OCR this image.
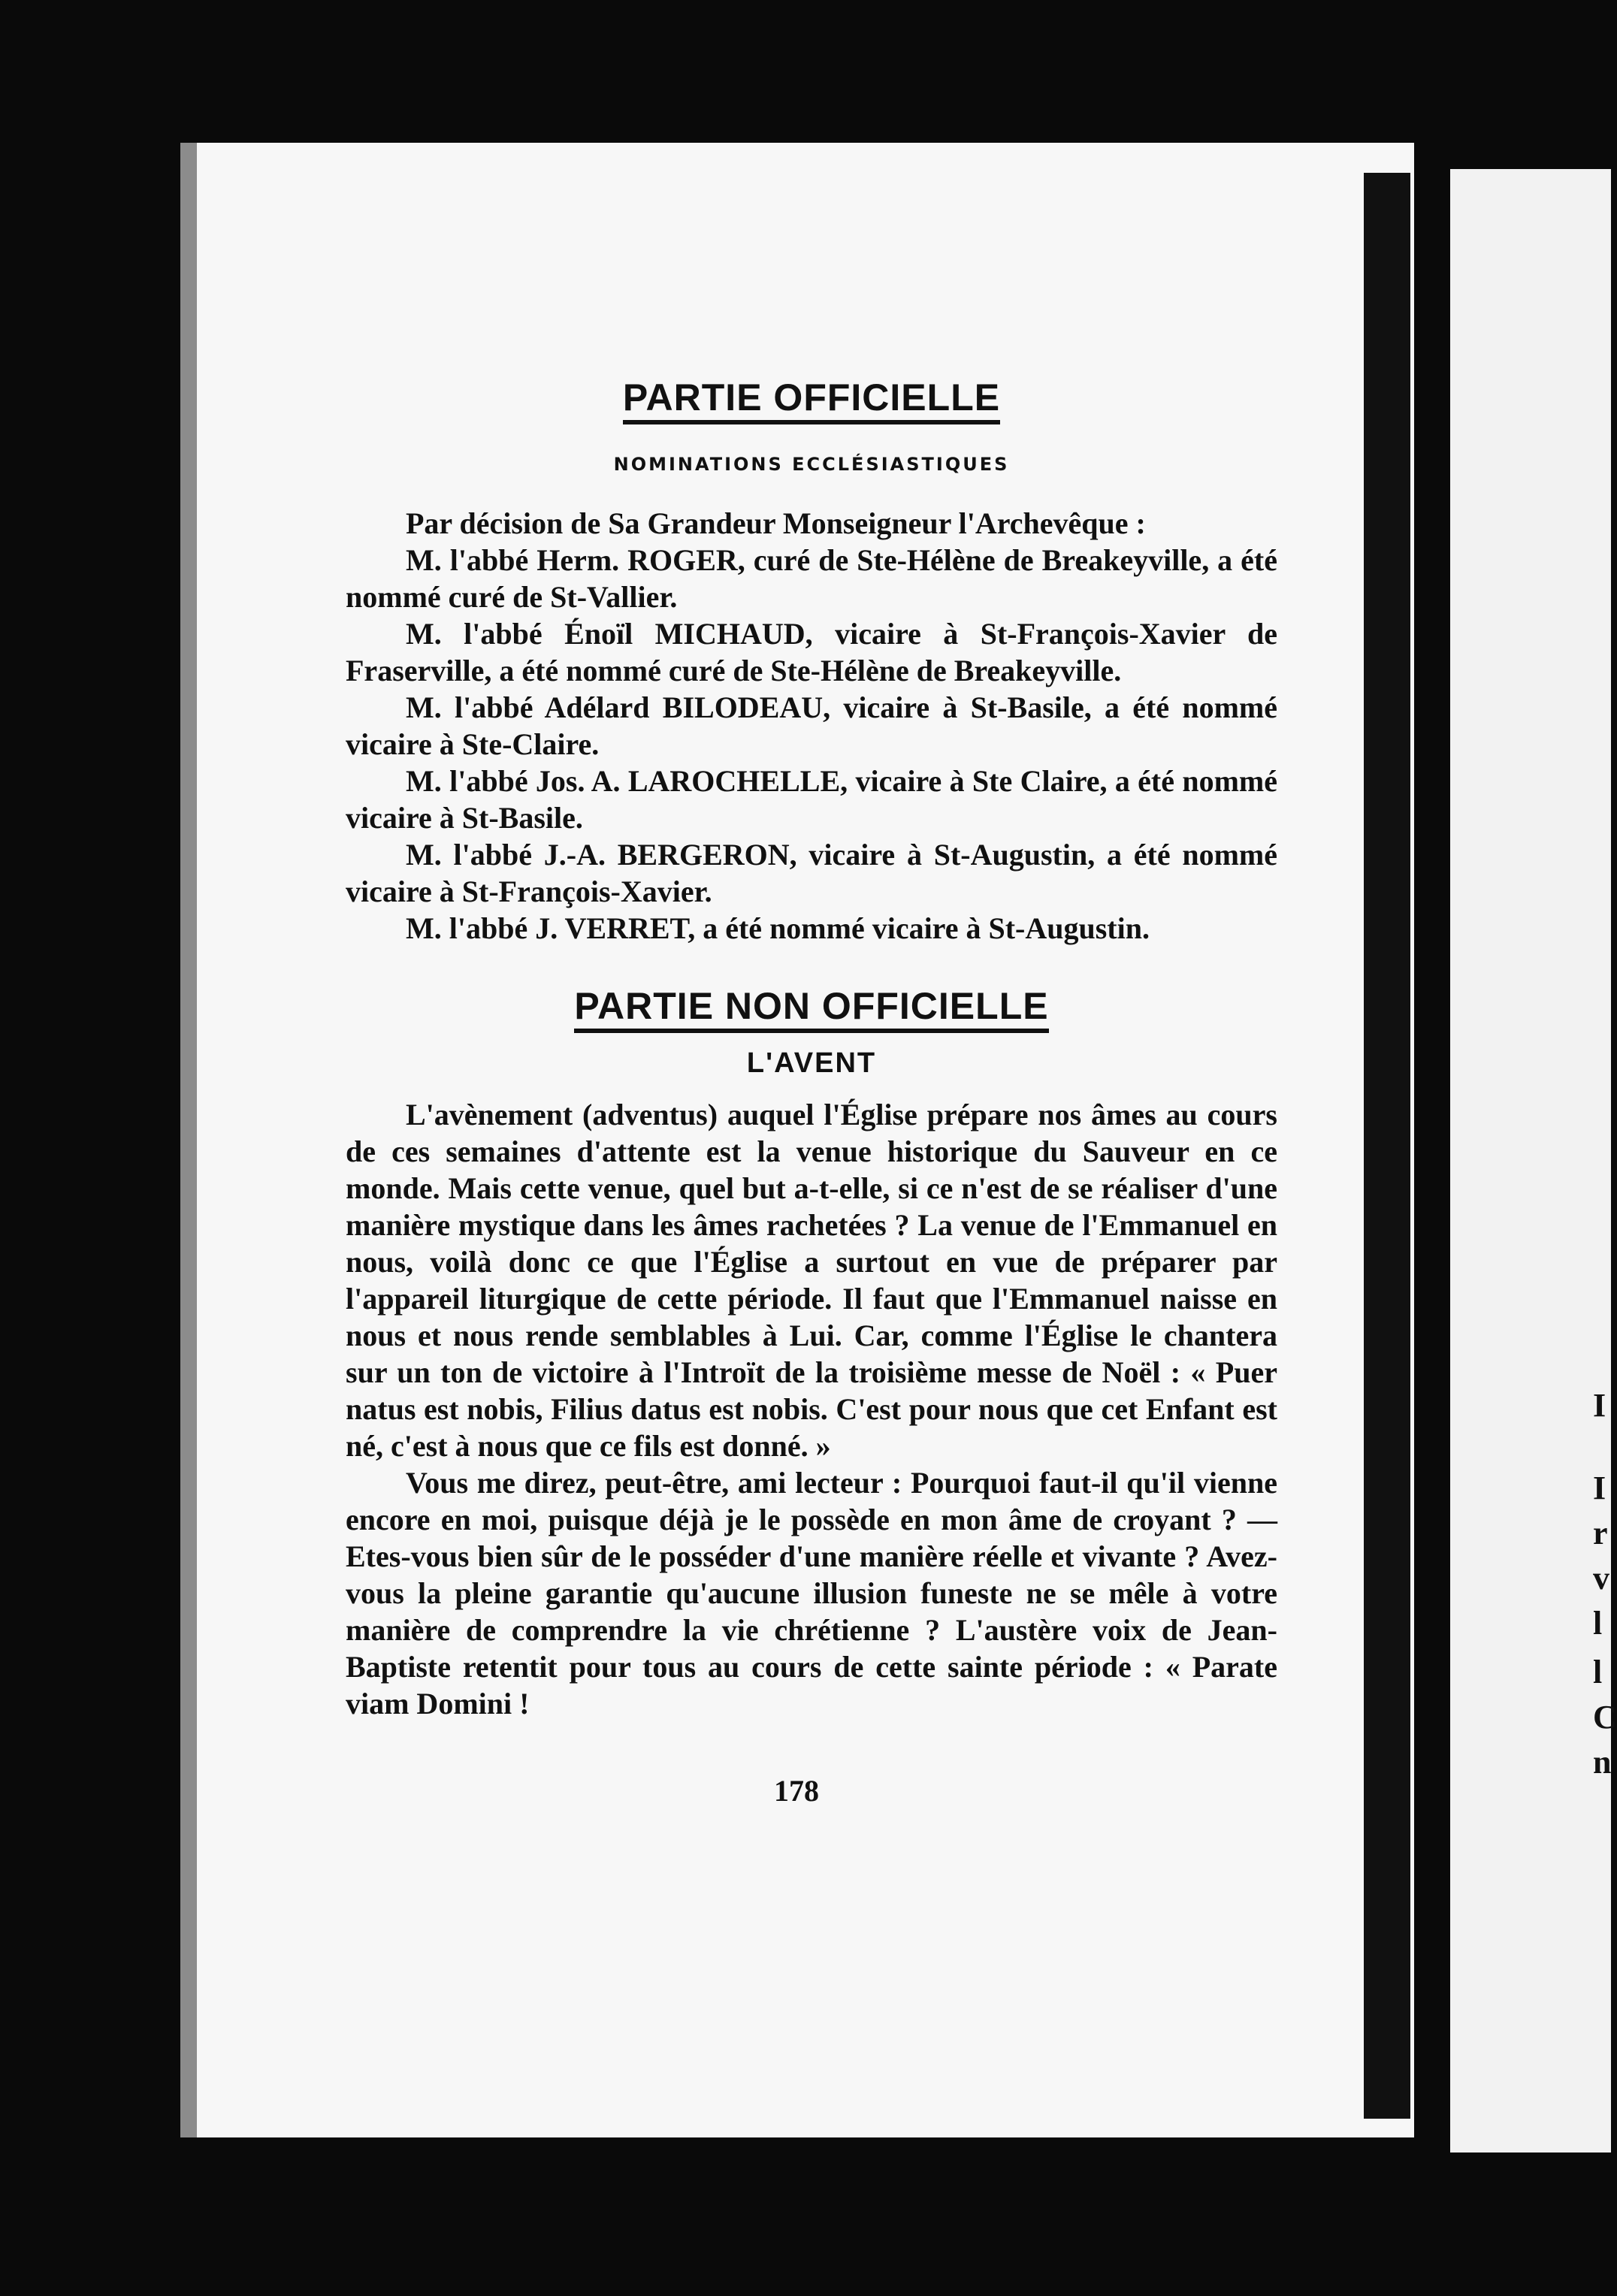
I
I
r
v
l
l
C
n
PARTIE OFFICIELLE
NOMINATIONS ECCLÉSIASTIQUES

Par décision de Sa Grandeur Monseigneur l'Archevêque :

M. l'abbé Herm. ROGER, curé de Ste-Hélène de Breakeyville, a été nommé curé de St-Vallier.

M. l'abbé Énoïl MICHAUD, vicaire à St-François-Xavier de Fraserville, a été nommé curé de Ste-Hélène de Breakeyville.

M. l'abbé Adélard BILODEAU, vicaire à St-Basile, a été nommé vicaire à Ste-Claire.

M. l'abbé Jos. A. LAROCHELLE, vicaire à Ste Claire, a été nommé vicaire à St-Basile.

M. l'abbé J.-A. BERGERON, vicaire à St-Augustin, a été nommé vicaire à St-François-Xavier.

M. l'abbé J. VERRET, a été nommé vicaire à St-Augustin.

PARTIE NON OFFICIELLE
L'AVENT

L'avènement (adventus) auquel l'Église prépare nos âmes au cours de ces semaines d'attente est la venue historique du Sauveur en ce monde. Mais cette venue, quel but a-t-elle, si ce n'est de se réaliser d'une manière mystique dans les âmes rachetées ? La venue de l'Emmanuel en nous, voilà donc ce que l'Église a surtout en vue de préparer par l'appareil liturgique de cette période. Il faut que l'Emmanuel naisse en nous et nous rende semblables à Lui. Car, comme l'Église le chantera sur un ton de victoire à l'Introït de la troisième messe de Noël : « Puer natus est nobis, Filius datus est nobis. C'est pour nous que cet Enfant est né, c'est à nous que ce fils est donné. »

Vous me direz, peut-être, ami lecteur : Pourquoi faut-il qu'il vienne encore en moi, puisque déjà je le possède en mon âme de croyant ? — Etes-vous bien sûr de le posséder d'une manière réelle et vivante ? Avez-vous la pleine garantie qu'aucune illusion funeste ne se mêle à votre manière de comprendre la vie chrétienne ? L'austère voix de Jean-Baptiste retentit pour tous au cours de cette sainte période : « Parate viam Domini !

178
